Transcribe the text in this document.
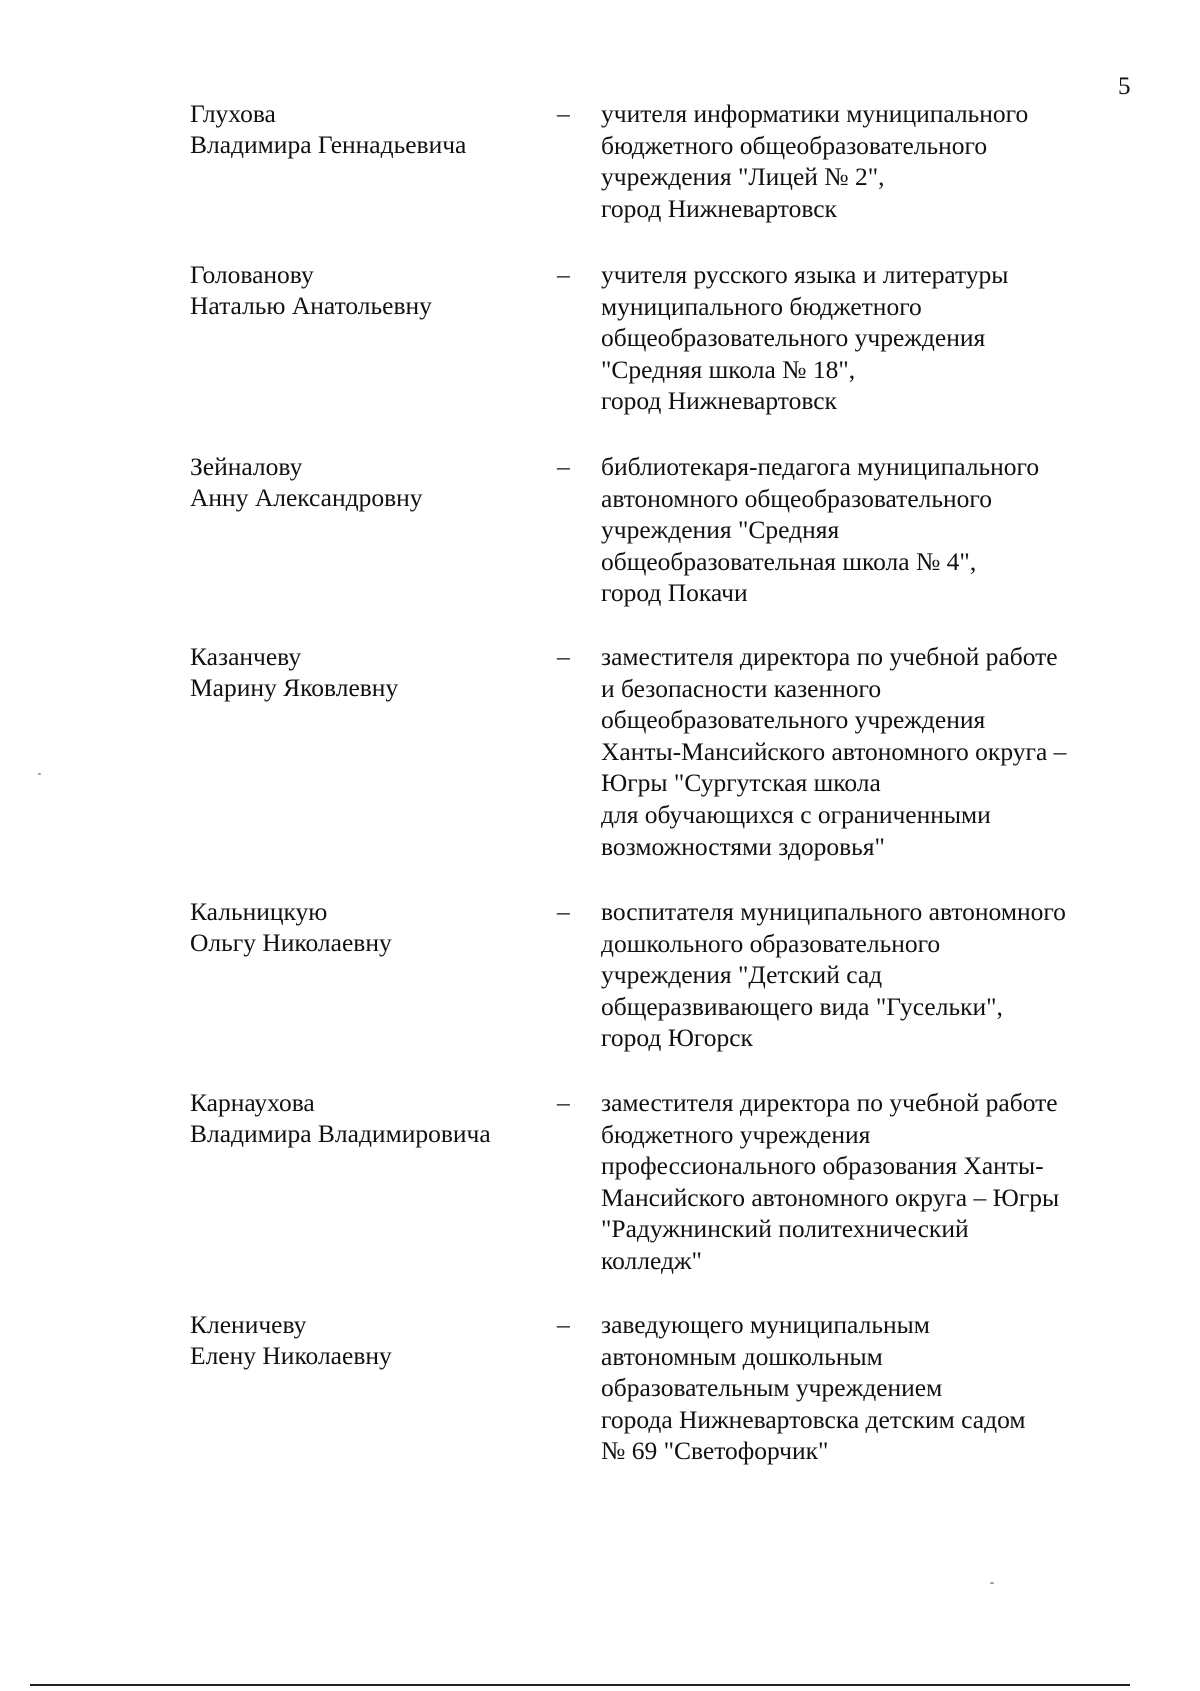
5
Глухова
Владимира Геннадьевича
– учителя информатики муниципального
бюджетного общеобразовательного
учреждения "Лицей № 2",
город Нижневартовск
Голованову
Наталью Анатольевну
– учителя русского языка и литературы
муниципального бюджетного
общеобразовательного учреждения
"Средняя школа № 18",
город Нижневартовск
Зейналову
Анну Александровну
– библиотекаря-педагога муниципального
автономного общеобразовательного
учреждения "Средняя
общеобразовательная школа № 4",
город Покачи
Казанчеву
Марину Яковлевну
– заместителя директора по учебной работе
и безопасности казенного
общеобразовательного учреждения
Ханты-Мансийского автономного округа –
Югры "Сургутская школа
для обучающихся с ограниченными
возможностями здоровья"
Кальницкую
Ольгу Николаевну
– воспитателя муниципального автономного
дошкольного образовательного
учреждения "Детский сад
общеразвивающего вида "Гусельки",
город Югорск
Карнаухова
Владимира Владимировича
– заместителя директора по учебной работе
бюджетного учреждения
профессионального образования Ханты-
Мансийского автономного округа – Югры
"Радужнинский политехнический
колледж"
Кленичеву
Елену Николаевну
– заведующего муниципальным
автономным дошкольным
образовательным учреждением
города Нижневартовска детским садом
№ 69 "Светофорчик"
